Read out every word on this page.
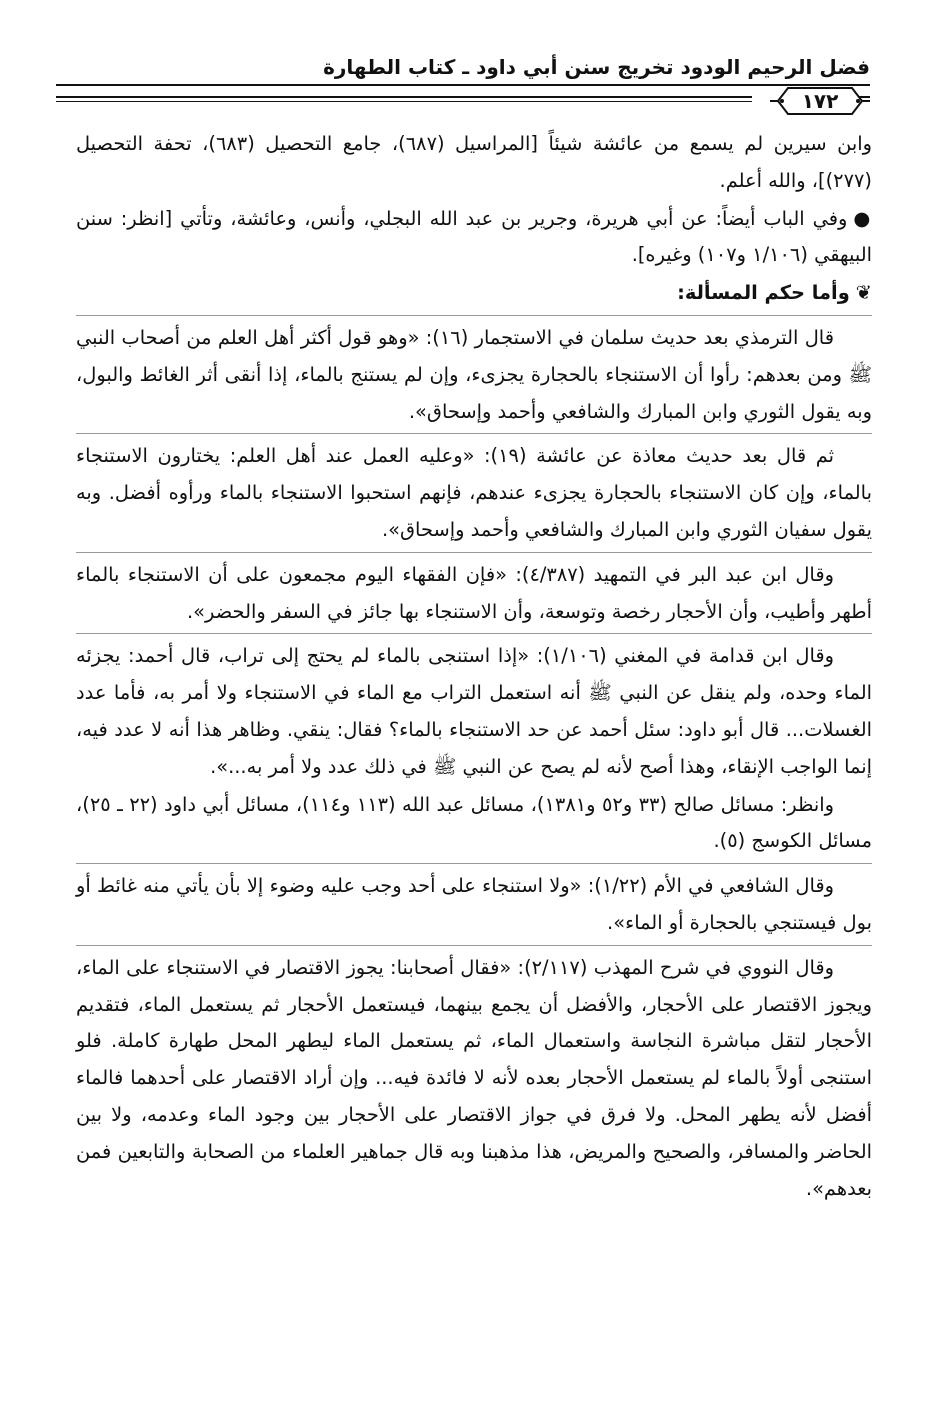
فضل الرحيم الودود تخريج سنن أبي داود ـ كتاب الطهارة
١٧٢

وابن سيرين لم يسمع من عائشة شيئاً [المراسيل (٦٨٧)، جامع التحصيل (٦٨٣)، تحفة التحصيل (٢٧٧)]، والله أعلم.

●وفي الباب أيضاً: عن أبي هريرة، وجرير بن عبد الله البجلي، وأنس، وعائشة، وتأتي [انظر: سنن البيهقي (١/١٠٦ و١٠٧) وغيره].

❦وأما حكم المسألة:

قال الترمذي بعد حديث سلمان في الاستجمار (١٦): «وهو قول أكثر أهل العلم من أصحاب النبي ﷺ ومن بعدهم: رأوا أن الاستنجاء بالحجارة يجزىء، وإن لم يستنج بالماء، إذا أنقى أثر الغائط والبول، وبه يقول الثوري وابن المبارك والشافعي وأحمد وإسحاق».

ثم قال بعد حديث معاذة عن عائشة (١٩): «وعليه العمل عند أهل العلم: يختارون الاستنجاء بالماء، وإن كان الاستنجاء بالحجارة يجزىء عندهم، فإنهم استحبوا الاستنجاء بالماء ورأوه أفضل. وبه يقول سفيان الثوري وابن المبارك والشافعي وأحمد وإسحاق».

وقال ابن عبد البر في التمهيد (٤/٣٨٧): «فإن الفقهاء اليوم مجمعون على أن الاستنجاء بالماء أطهر وأطيب، وأن الأحجار رخصة وتوسعة، وأن الاستنجاء بها جائز في السفر والحضر».

وقال ابن قدامة في المغني (١/١٠٦): «إذا استنجى بالماء لم يحتج إلى تراب، قال أحمد: يجزئه الماء وحده، ولم ينقل عن النبي ﷺ أنه استعمل التراب مع الماء في الاستنجاء ولا أمر به، فأما عدد الغسلات... قال أبو داود: سئل أحمد عن حد الاستنجاء بالماء؟ فقال: ينقي. وظاهر هذا أنه لا عدد فيه، إنما الواجب الإنقاء، وهذا أصح لأنه لم يصح عن النبي ﷺ في ذلك عدد ولا أمر به...».

وانظر: مسائل صالح (٣٣ و٥٢ و١٣٨١)، مسائل عبد الله (١١٣ و١١٤)، مسائل أبي داود (٢٢ ـ ٢٥)، مسائل الكوسج (٥).

وقال الشافعي في الأم (١/٢٢): «ولا استنجاء على أحد وجب عليه وضوء إلا بأن يأتي منه غائط أو بول فيستنجي بالحجارة أو الماء».

وقال النووي في شرح المهذب (٢/١١٧): «فقال أصحابنا: يجوز الاقتصار في الاستنجاء على الماء، ويجوز الاقتصار على الأحجار، والأفضل أن يجمع بينهما، فيستعمل الأحجار ثم يستعمل الماء، فتقديم الأحجار لتقل مباشرة النجاسة واستعمال الماء، ثم يستعمل الماء ليطهر المحل طهارة كاملة. فلو استنجى أولاً بالماء لم يستعمل الأحجار بعده لأنه لا فائدة فيه... وإن أراد الاقتصار على أحدهما فالماء أفضل لأنه يطهر المحل. ولا فرق في جواز الاقتصار على الأحجار بين وجود الماء وعدمه، ولا بين الحاضر والمسافر، والصحيح والمريض، هذا مذهبنا وبه قال جماهير العلماء من الصحابة والتابعين فمن بعدهم».
